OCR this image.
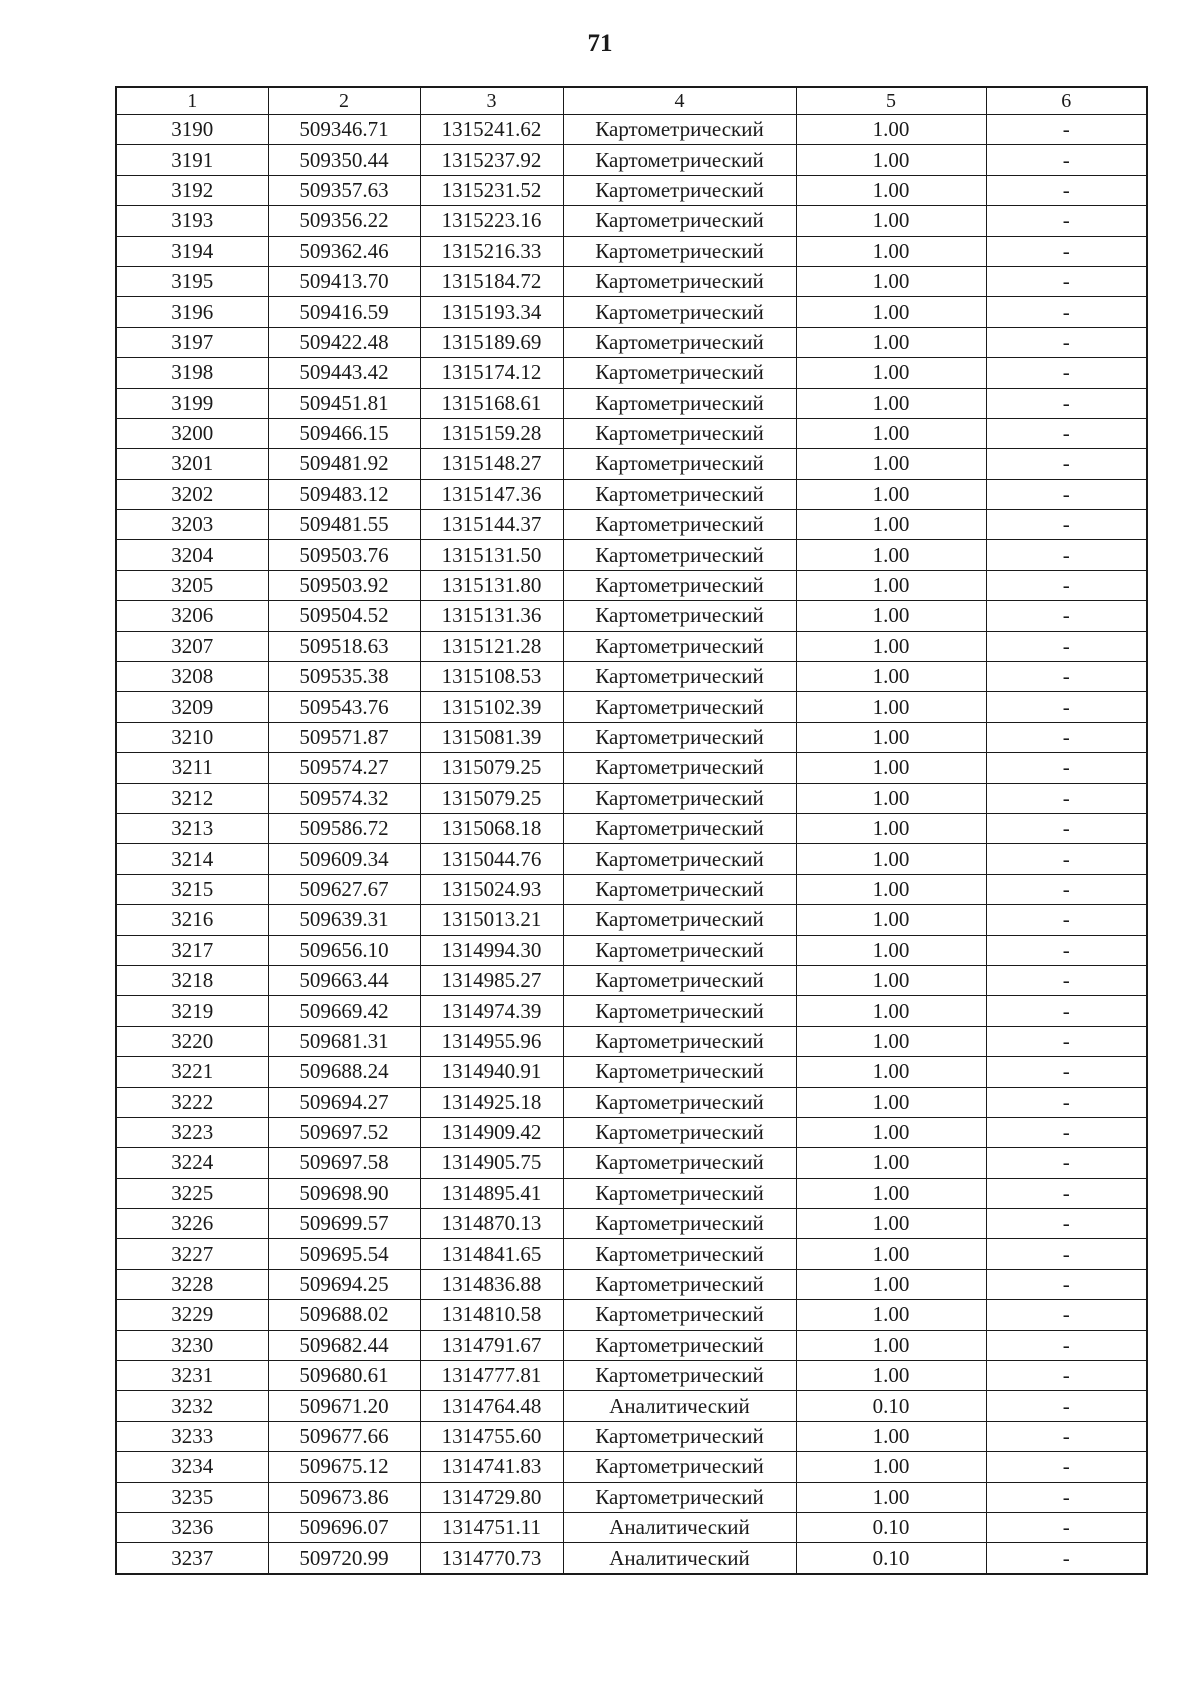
71
1	2	3	4	5	6
3190	509346.71	1315241.62	Картометрический	1.00	-
3191	509350.44	1315237.92	Картометрический	1.00	-
3192	509357.63	1315231.52	Картометрический	1.00	-
3193	509356.22	1315223.16	Картометрический	1.00	-
3194	509362.46	1315216.33	Картометрический	1.00	-
3195	509413.70	1315184.72	Картометрический	1.00	-
3196	509416.59	1315193.34	Картометрический	1.00	-
3197	509422.48	1315189.69	Картометрический	1.00	-
3198	509443.42	1315174.12	Картометрический	1.00	-
3199	509451.81	1315168.61	Картометрический	1.00	-
3200	509466.15	1315159.28	Картометрический	1.00	-
3201	509481.92	1315148.27	Картометрический	1.00	-
3202	509483.12	1315147.36	Картометрический	1.00	-
3203	509481.55	1315144.37	Картометрический	1.00	-
3204	509503.76	1315131.50	Картометрический	1.00	-
3205	509503.92	1315131.80	Картометрический	1.00	-
3206	509504.52	1315131.36	Картометрический	1.00	-
3207	509518.63	1315121.28	Картометрический	1.00	-
3208	509535.38	1315108.53	Картометрический	1.00	-
3209	509543.76	1315102.39	Картометрический	1.00	-
3210	509571.87	1315081.39	Картометрический	1.00	-
3211	509574.27	1315079.25	Картометрический	1.00	-
3212	509574.32	1315079.25	Картометрический	1.00	-
3213	509586.72	1315068.18	Картометрический	1.00	-
3214	509609.34	1315044.76	Картометрический	1.00	-
3215	509627.67	1315024.93	Картометрический	1.00	-
3216	509639.31	1315013.21	Картометрический	1.00	-
3217	509656.10	1314994.30	Картометрический	1.00	-
3218	509663.44	1314985.27	Картометрический	1.00	-
3219	509669.42	1314974.39	Картометрический	1.00	-
3220	509681.31	1314955.96	Картометрический	1.00	-
3221	509688.24	1314940.91	Картометрический	1.00	-
3222	509694.27	1314925.18	Картометрический	1.00	-
3223	509697.52	1314909.42	Картометрический	1.00	-
3224	509697.58	1314905.75	Картометрический	1.00	-
3225	509698.90	1314895.41	Картометрический	1.00	-
3226	509699.57	1314870.13	Картометрический	1.00	-
3227	509695.54	1314841.65	Картометрический	1.00	-
3228	509694.25	1314836.88	Картометрический	1.00	-
3229	509688.02	1314810.58	Картометрический	1.00	-
3230	509682.44	1314791.67	Картометрический	1.00	-
3231	509680.61	1314777.81	Картометрический	1.00	-
3232	509671.20	1314764.48	Аналитический	0.10	-
3233	509677.66	1314755.60	Картометрический	1.00	-
3234	509675.12	1314741.83	Картометрический	1.00	-
3235	509673.86	1314729.80	Картометрический	1.00	-
3236	509696.07	1314751.11	Аналитический	0.10	-
3237	509720.99	1314770.73	Аналитический	0.10	-
